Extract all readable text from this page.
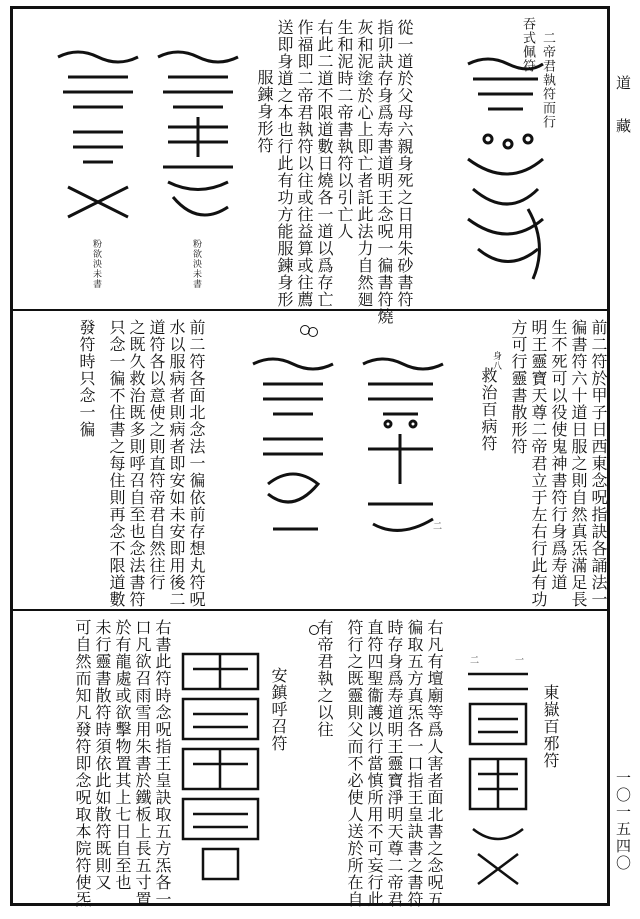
吞式佩符 二帝君執符而行
從一道於父母六親身死之日用朱砂書符
指卯訣存身爲寿書道明王念呪一徧書符燒
灰和泥塗於心上即亡者託此法力自然廻
生和泥時二帝書執符以引亡人
右此二道不限道數日燒各一道以爲存亡
作福即二帝君執符以往或往益算或往薦
送即身道之本也行此有功方能服鍊身形
服鍊身形符
粉欲泱未書
粉欲泱未書
前二符於甲子日西東念呪指訣各誦法一
徧書符六十道日服之則自然真炁滿足長
生不死可以役使鬼神書符行身爲寿道
明王靈寶天尊二帝君立于左右行此有功
方可行靈書散形符
救治百病符
身八
二
前二符各面北念法一徧依前存想丸符呪
水以服病者則病者即安如未安即用後二
道符各以意使之則直符帝君自然往行
之既久救治既多則呼召自至也念法書符
只念一徧不住書之每住則再念不限道數
發符時只念一徧
東嶽百邪符
一
二
右凡有壇廟等爲人害者面北書之念呪五
徧取五方真炁各一口指王皇訣書之書符
時存身爲寿道明王靈寶淨明天尊二帝君
直符四聖衞護以行當慎所用不可妄行此
符行之既靈則父而不必使人送於所在自
有帝君執之以往
安鎮呼召符
右書此符時念呪指王皇訣取五方炁各一
口凡欲召雨雪用朱書於鐵板上長五寸置
於有龍處或欲擊物置其上七日自至也
未行靈書散符時須依此如散符既則又
可自然而知凡發符即念呪取本院符使炁
道
藏
一〇一五四〇
